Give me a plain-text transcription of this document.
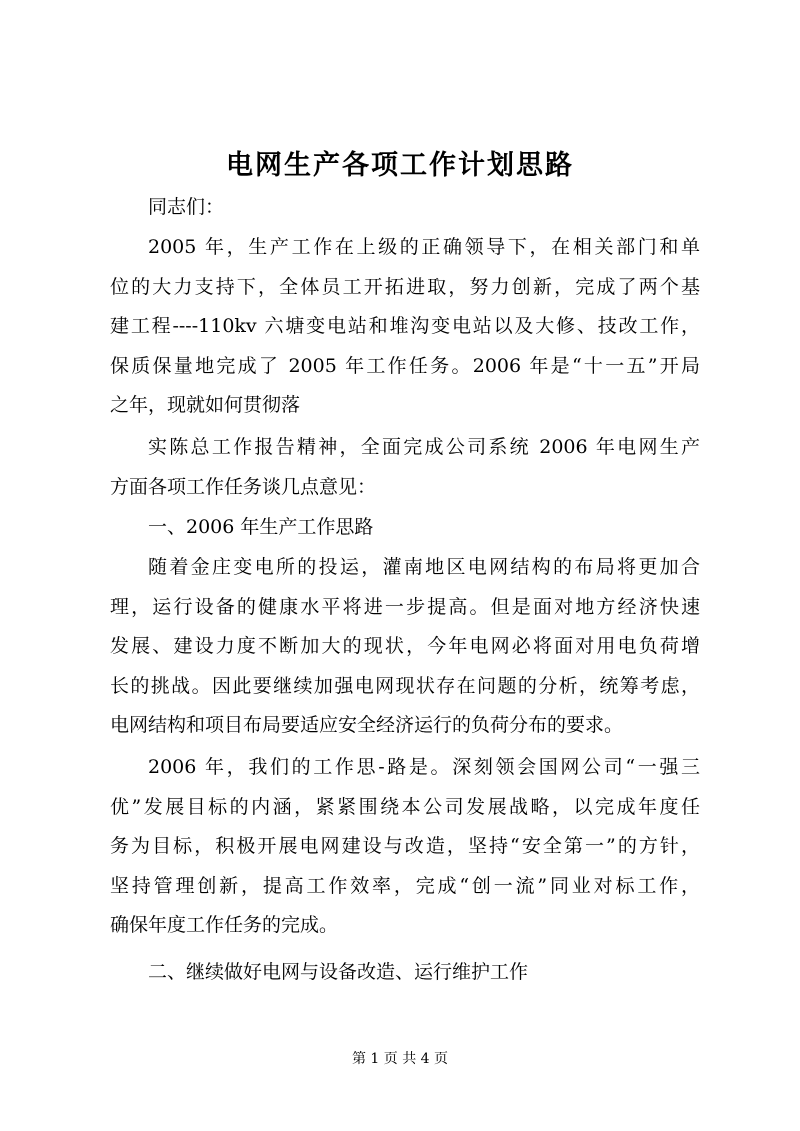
电网生产各项工作计划思路
同志们：
2005 年，生产工作在上级的正确领导下，在相关部门和单
位的大力支持下，全体员工开拓进取，努力创新，完成了两个基
建工程----110kv 六塘变电站和堆沟变电站以及大修、技改工作，
保质保量地完成了 2005 年工作任务。2006 年是“十一五”开局
之年，现就如何贯彻落
实陈总工作报告精神，全面完成公司系统 2006 年电网生产
方面各项工作任务谈几点意见：
一、2006 年生产工作思路
随着金庄变电所的投运，灌南地区电网结构的布局将更加合
理，运行设备的健康水平将进一步提高。但是面对地方经济快速
发展、建设力度不断加大的现状，今年电网必将面对用电负荷增
长的挑战。因此要继续加强电网现状存在问题的分析，统筹考虑，
电网结构和项目布局要适应安全经济运行的负荷分布的要求。
2006 年，我们的工作思-路是。深刻领会国网公司“一强三
优”发展目标的内涵，紧紧围绕本公司发展战略，以完成年度任
务为目标，积极开展电网建设与改造，坚持“安全第一”的方针，
坚持管理创新，提高工作效率，完成“创一流”同业对标工作，
确保年度工作任务的完成。
二、继续做好电网与设备改造、运行维护工作
第 1 页 共 4 页
